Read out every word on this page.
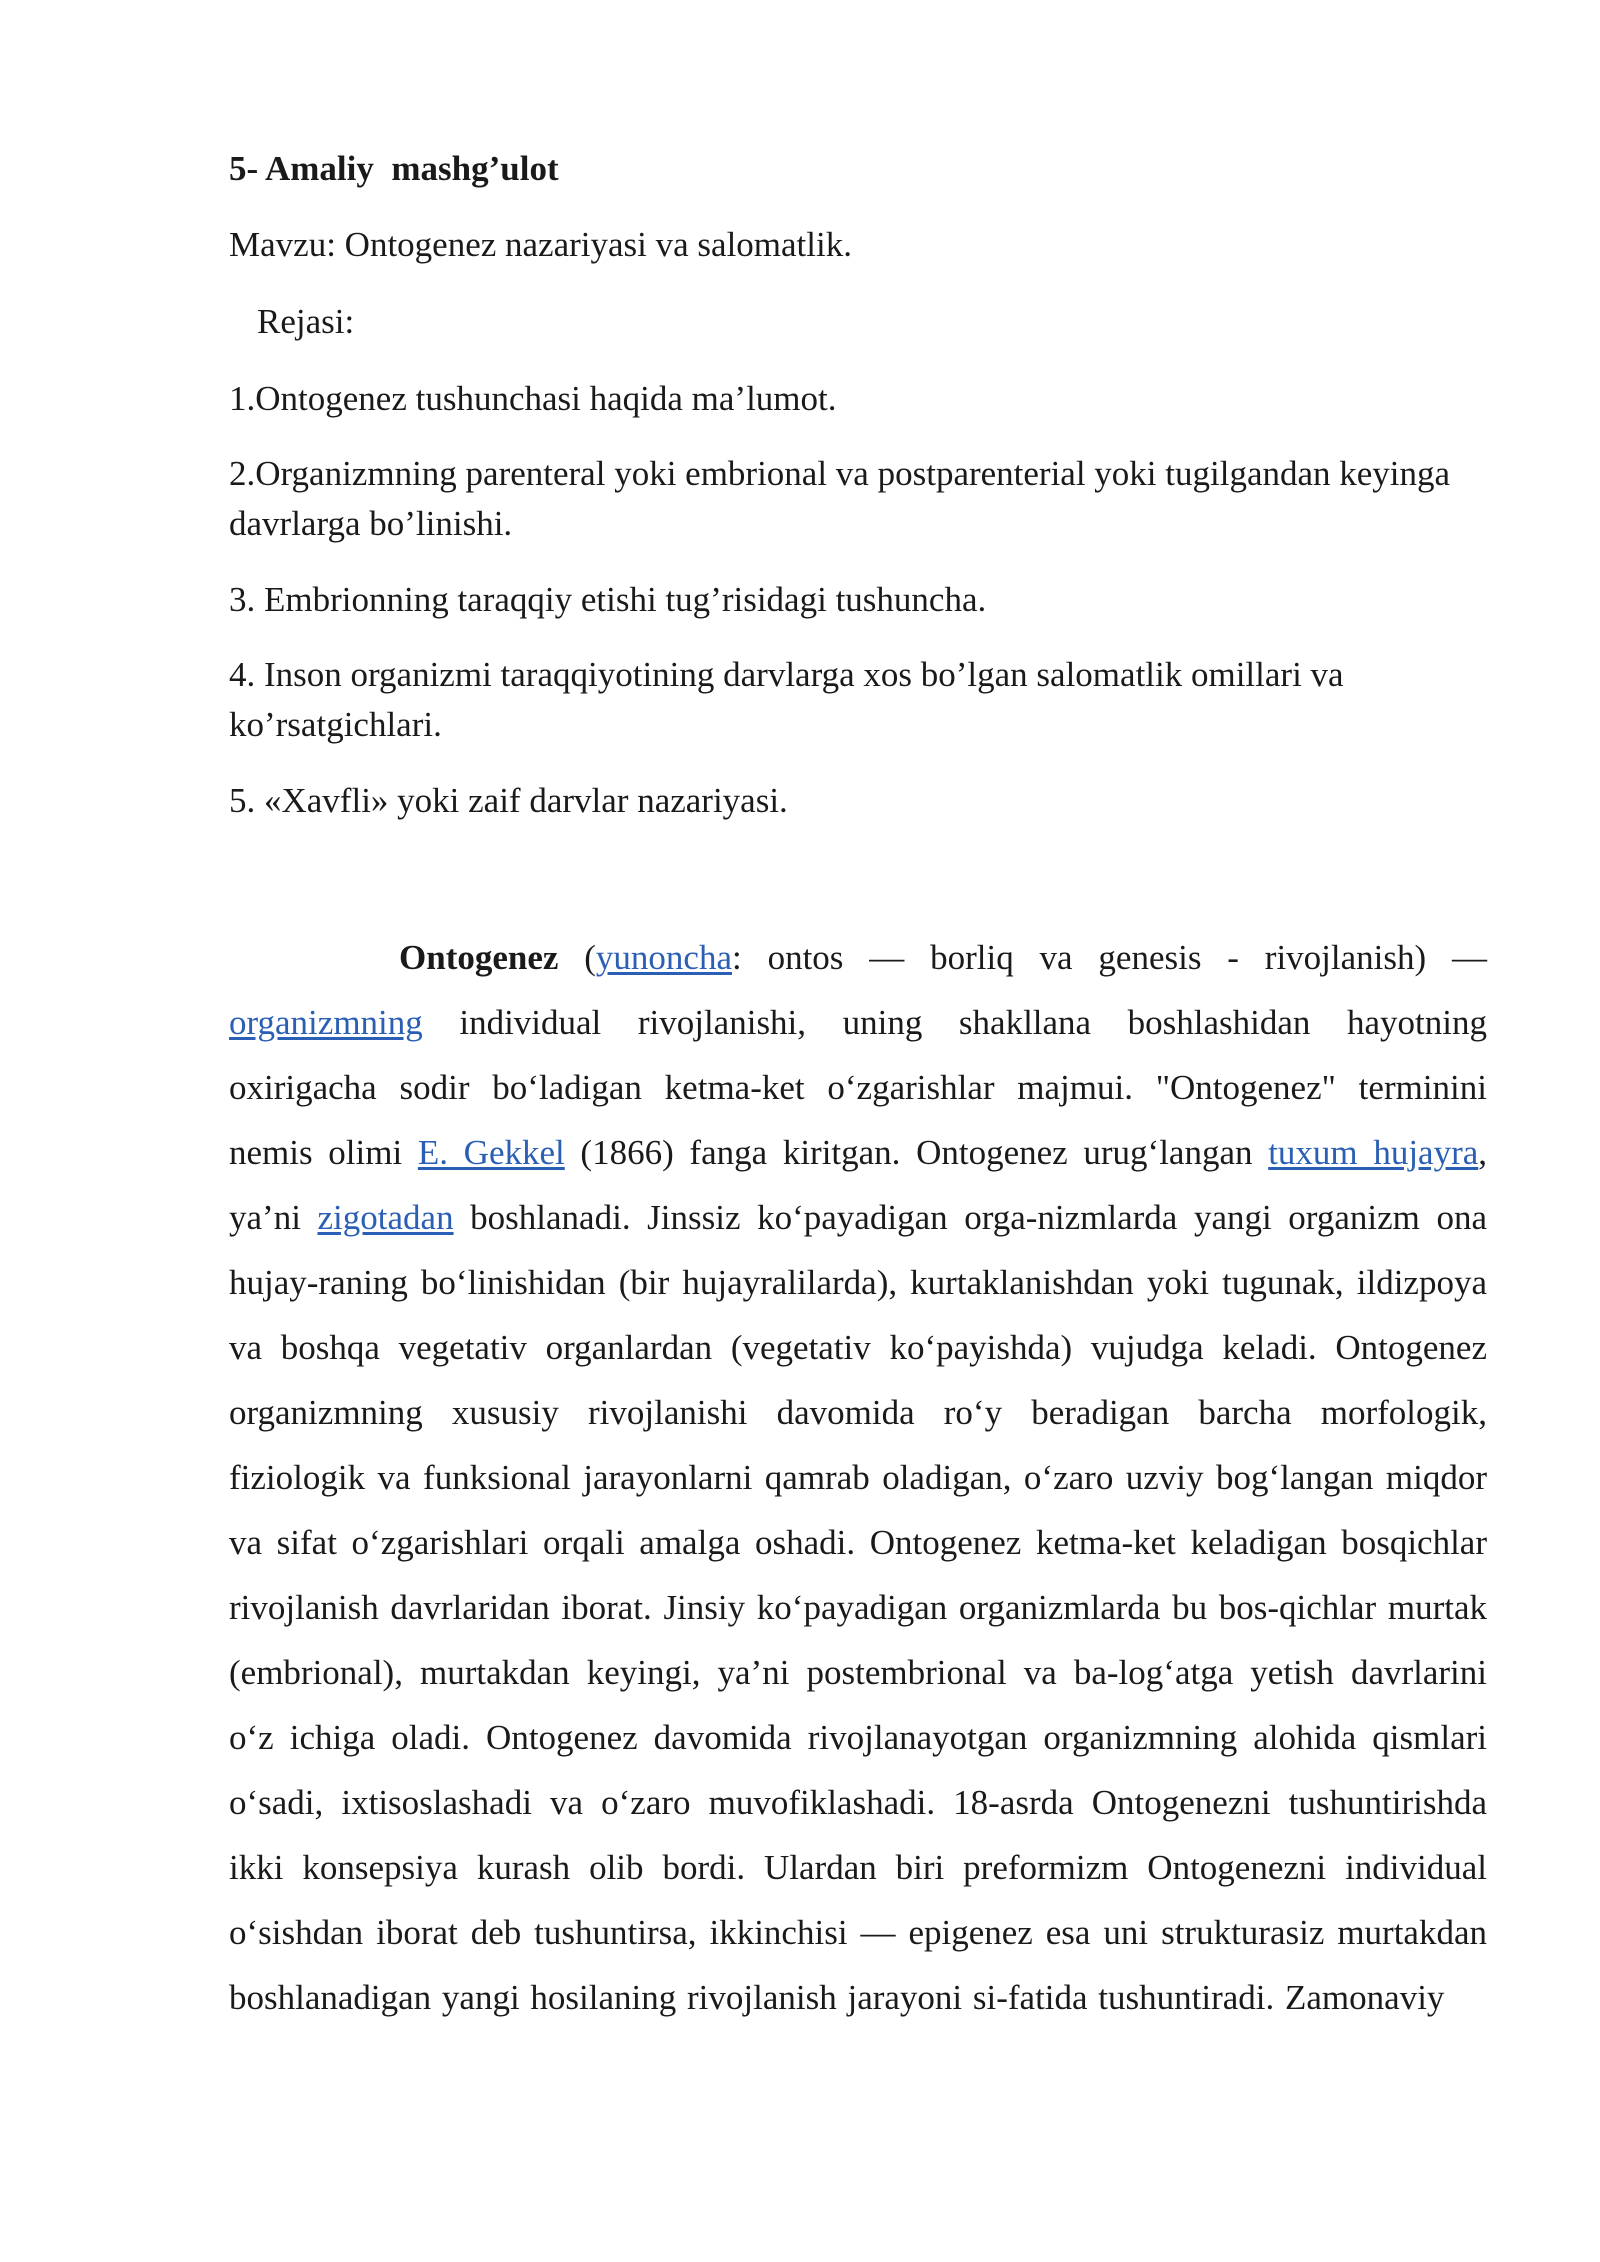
5- Amaliy  mashg’ulot
Mavzu: Ontogenez nazariyasi va salomatlik.
Rejasi:
1.Ontogenez tushunchasi haqida ma’lumot.
2.Organizmning parenteral yoki embrional va postparenterial yoki tugilgandan keyinga davrlarga bo’linishi.
3. Embrionning taraqqiy etishi tug’risidagi tushuncha.
4. Inson organizmi taraqqiyotining darvlarga xos bo’lgan salomatlik omillari va ko’rsatgichlari.
5. «Xavfli» yoki zaif darvlar nazariyasi.

Ontogenez (yunoncha: ontos — borliq va genesis - rivojlanish) — organizmning individual rivojlanishi, uning shakllana boshlashidan hayotning oxirigacha sodir bo‘ladigan ketma-ket o‘zgarishlar majmui. "Ontogenez" terminini nemis olimi E. Gekkel (1866) fanga kiritgan. Ontogenez urug‘langan tuxum hujayra, ya’ni zigotadan boshlanadi. Jinssiz ko‘payadigan orga-nizmlarda yangi organizm ona hujay-raning bo‘linishidan (bir hujayralilarda), kurtaklanishdan yoki tugunak, ildizpoya va boshqa vegetativ organlardan (vegetativ ko‘payishda) vujudga keladi. Ontogenez organizmning xususiy rivojlanishi davomida ro‘y beradigan barcha morfologik, fiziologik va funksional jarayonlarni qamrab oladigan, o‘zaro uzviy bog‘langan miqdor va sifat o‘zgarishlari orqali amalga oshadi. Ontogenez ketma-ket keladigan bosqichlar rivojlanish davrlaridan iborat. Jinsiy ko‘payadigan organizmlarda bu bos-qichlar murtak (embrional), murtakdan keyingi, ya’ni postembrional va ba-log‘atga yetish davrlarini o‘z ichiga oladi. Ontogenez davomida rivojlanayotgan organizmning alohida qismlari o‘sadi, ixtisoslashadi va o‘zaro muvofiklashadi. 18-asrda Ontogenezni tushuntirishda ikki konsepsiya kurash olib bordi. Ulardan biri preformizm Ontogenezni individual o‘sishdan iborat deb tushuntirsa, ikkinchisi — epigenez esa uni strukturasiz murtakdan boshlanadigan yangi hosilaning rivojlanish jarayoni si-fatida tushuntiradi. Zamonaviy
